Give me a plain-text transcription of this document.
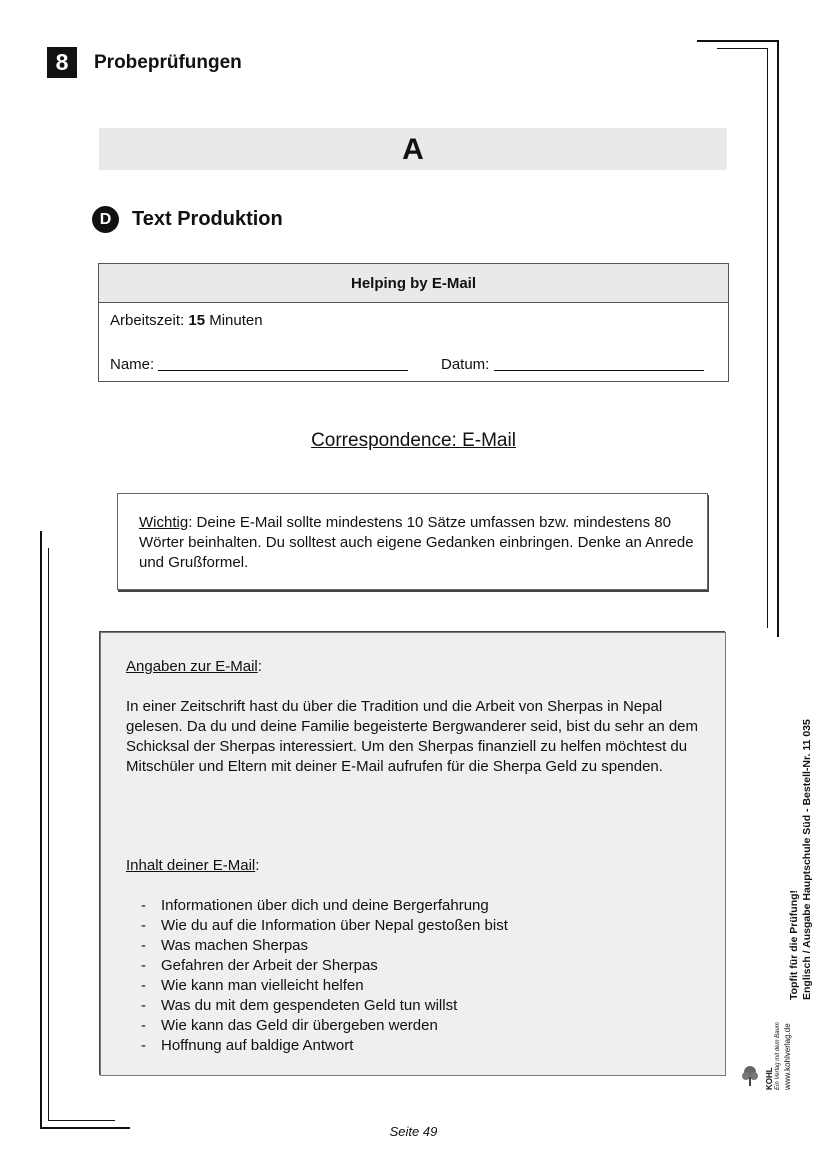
8	Probeprüfungen
A
D	Text Produktion
Helping by E-Mail
Arbeitszeit: 15 Minuten
Name:	Datum:
Correspondence: E-Mail
Wichtig: Deine E-Mail sollte mindestens 10 Sätze umfassen bzw. mindestens 80 Wörter beinhalten. Du solltest auch eigene Gedanken einbringen. Denke an Anrede und Grußformel.
Angaben zur E-Mail:
In einer Zeitschrift hast du über die Tradition und die Arbeit von Sherpas in Nepal gelesen. Da du und deine Familie begeisterte Bergwanderer seid, bist du sehr an dem Schicksal der Sherpas interessiert. Um den Sherpas finanziell zu helfen möchtest du Mitschüler und Eltern mit deiner E-Mail aufrufen für die Sherpa Geld zu spenden.
Inhalt deiner E-Mail:
- Informationen über dich und deine Bergerfahrung
- Wie du auf die Information über Nepal gestoßen bist
- Was machen Sherpas
- Gefahren der Arbeit der Sherpas
- Wie kann man vielleicht helfen
- Was du mit dem gespendeten Geld tun willst
- Wie kann das Geld dir übergeben werden
- Hoffnung auf baldige Antwort
Topfit für die Prüfung! Englisch / Ausgabe Hauptschule Süd - Bestell-Nr. 11 035
KOHL Ein Verlag mit dem Baum www.kohlverlag.de
Seite 49
